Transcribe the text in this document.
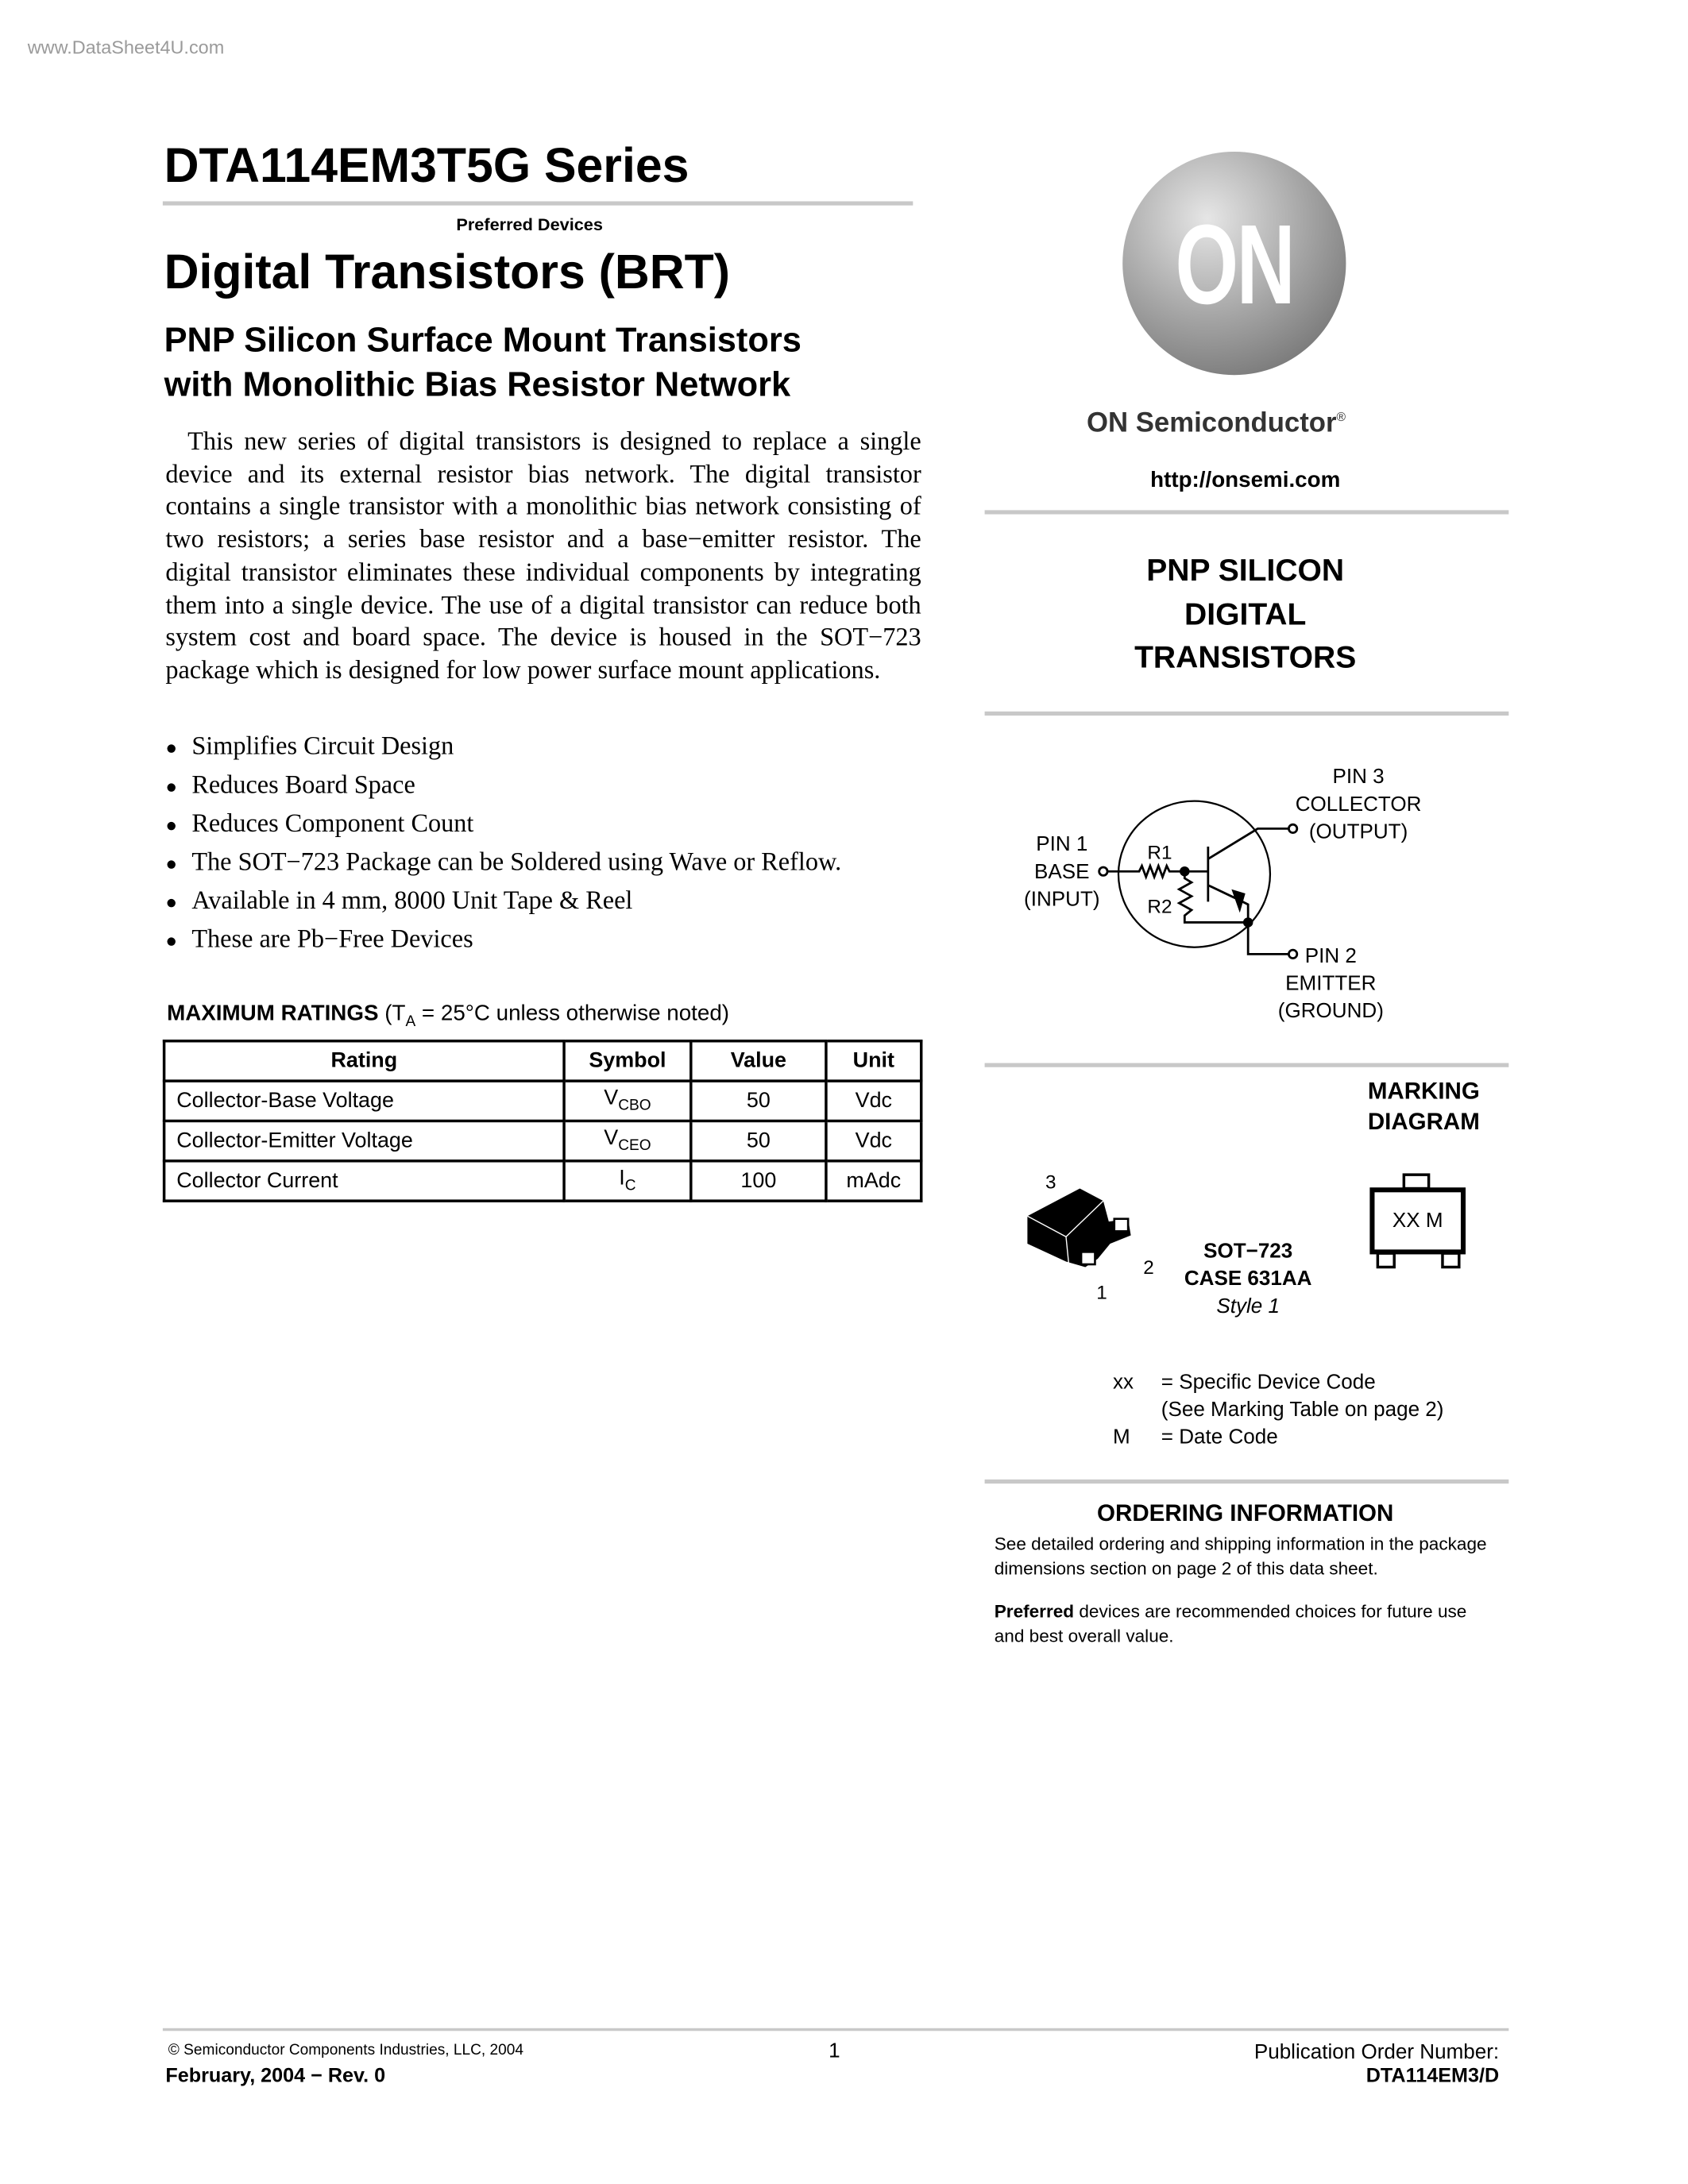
www.DataSheet4U.com
DTA114EM3T5G Series
Preferred Devices
Digital Transistors (BRT)
PNP Silicon Surface Mount Transistors
with Monolithic Bias Resistor Network
This new series of digital transistors is designed to replace a single device and its external resistor bias network. The digital transistor contains a single transistor with a monolithic bias network consisting of two resistors; a series base resistor and a base−emitter resistor. The digital transistor eliminates these individual components by integrating them into a single device. The use of a digital transistor can reduce both system cost and board space. The device is housed in the SOT−723 package which is designed for low power surface mount applications.
● Simplifies Circuit Design
● Reduces Board Space
● Reduces Component Count
● The SOT−723 Package can be Soldered using Wave or Reflow.
● Available in 4 mm, 8000 Unit Tape & Reel
● These are Pb−Free Devices
MAXIMUM RATINGS ($T_A = 25^\circ C$ unless otherwise noted)
Rating	Symbol	Value	Unit
Collector-Base Voltage	$V_{CBO}$	50	Vdc
Collector-Emitter Voltage	$V_{CEO}$	50	Vdc
Collector Current	$I_C$	100	mAdc
ON
ON Semiconductor®
http://onsemi.com
PNP SILICON
DIGITAL
TRANSISTORS
PIN 1
BASE
(INPUT)
PIN 3
COLLECTOR
(OUTPUT)
PIN 2
EMITTER
(GROUND)
R1
R2
MARKING
DIAGRAM
3
2
1
XX M
SOT−723
CASE 631AA
Style 1
xx = Specific Device Code
(See Marking Table on page 2)
M	= Date Code
ORDERING INFORMATION
See detailed ordering and shipping information in the package
dimensions section on page 2 of this data sheet.
Preferred devices are recommended choices for future use
and best overall value.
© Semiconductor Components Industries, LLC, 2004
February, 2004 − Rev. 0
1	Publication Order Number:
DTA114EM3/D
